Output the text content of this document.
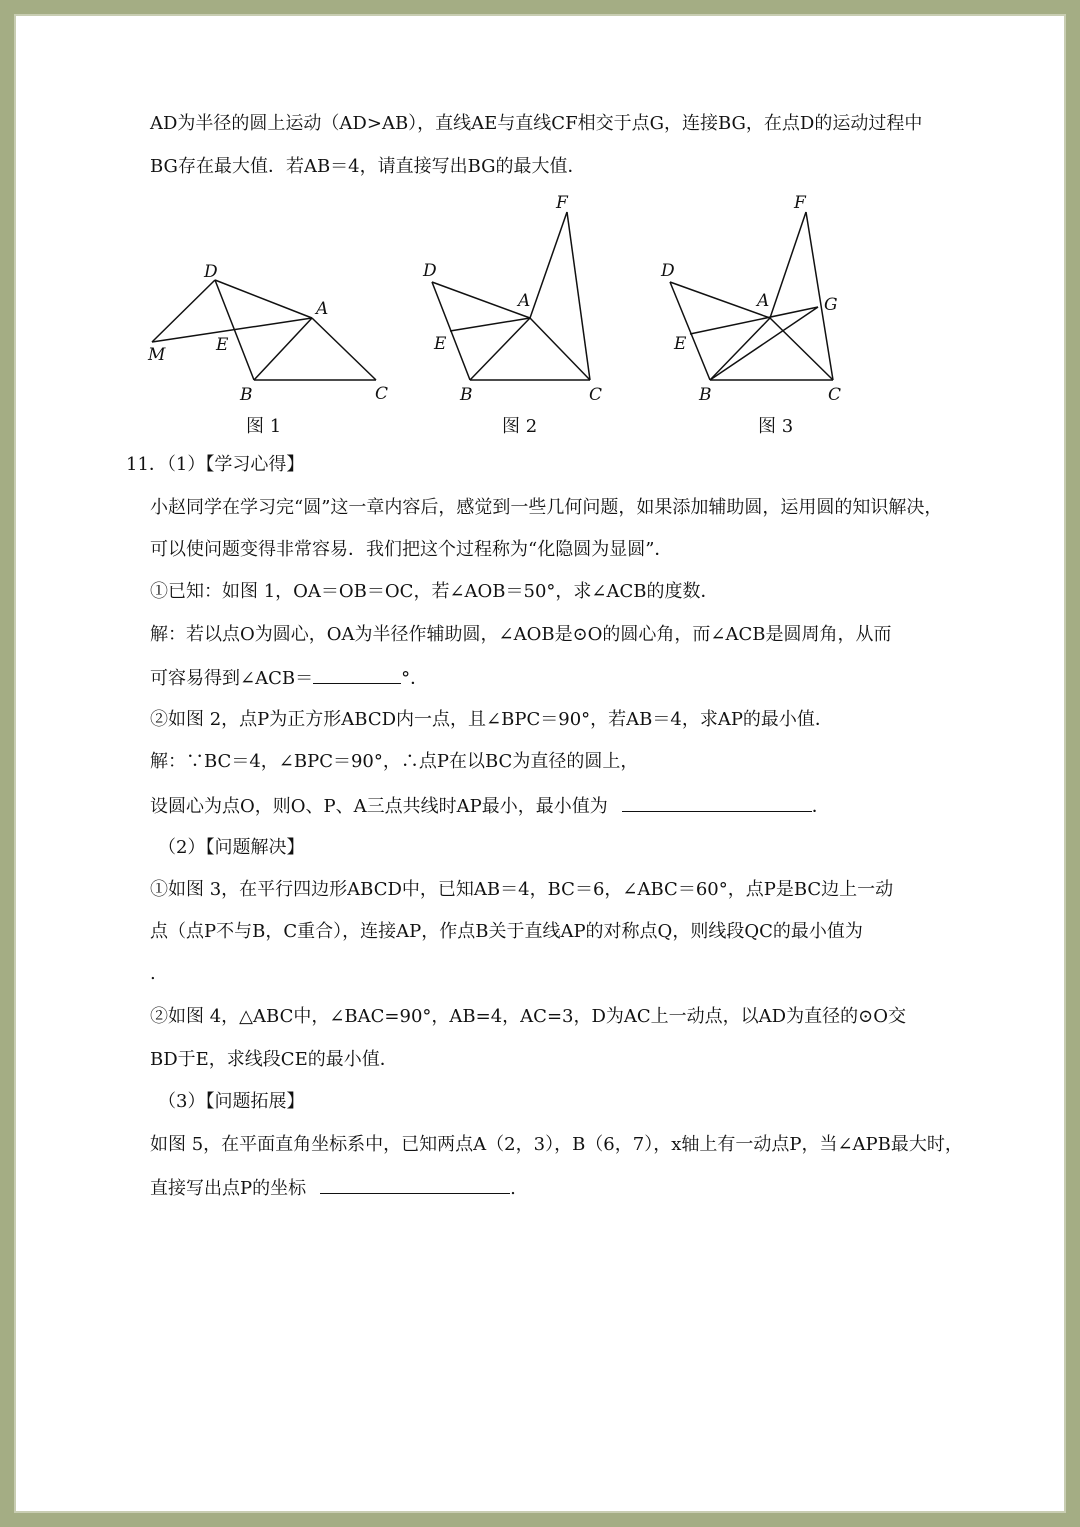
AD为半径的圆上运动（AD>AB），直线AE与直线CF相交于点G，连接BG，在点D的运动过程中
BG存在最大值．若AB＝4，请直接写出BG的最大值．
D
A
M	E
B	C
图 1
F
D
A
E
B	C
图 2
F
D
A	G
E
B	C
图 3
11．（1）【学习心得】
小赵同学在学习完“圆”这一章内容后，感觉到一些几何问题，如果添加辅助圆，运用圆的知识解决，
可以使问题变得非常容易．我们把这个过程称为“化隐圆为显圆”．
①已知：如图 1，OA＝OB＝OC，若∠AOB＝50°，求∠ACB的度数．
解：若以点O为圆心，OA为半径作辅助圆，∠AOB是⊙O的圆心角，而∠ACB是圆周角，从而
可容易得到∠ACB＝	°．
②如图 2，点P为正方形ABCD内一点，且∠BPC＝90°，若AB＝4，求AP的最小值．
解：∵BC＝4，∠BPC＝90°，∴点P在以BC为直径的圆上，
设圆心为点O，则O、P、A三点共线时AP最小，最小值为	．
（2）【问题解决】
①如图 3，在平行四边形ABCD中，已知AB＝4，BC＝6，∠ABC＝60°，点P是BC边上一动
点（点P不与B，C重合），连接AP，作点B关于直线AP的对称点Q，则线段QC的最小值为
.
②如图 4，△ABC中，∠BAC=90°，AB=4，AC=3，D为AC上一动点，以AD为直径的⊙O交
BD于E，求线段CE的最小值．
（3）【问题拓展】
如图 5，在平面直角坐标系中，已知两点A（2，3），B（6，7），x轴上有一动点P，当∠APB最大时，
直接写出点P的坐标	.
